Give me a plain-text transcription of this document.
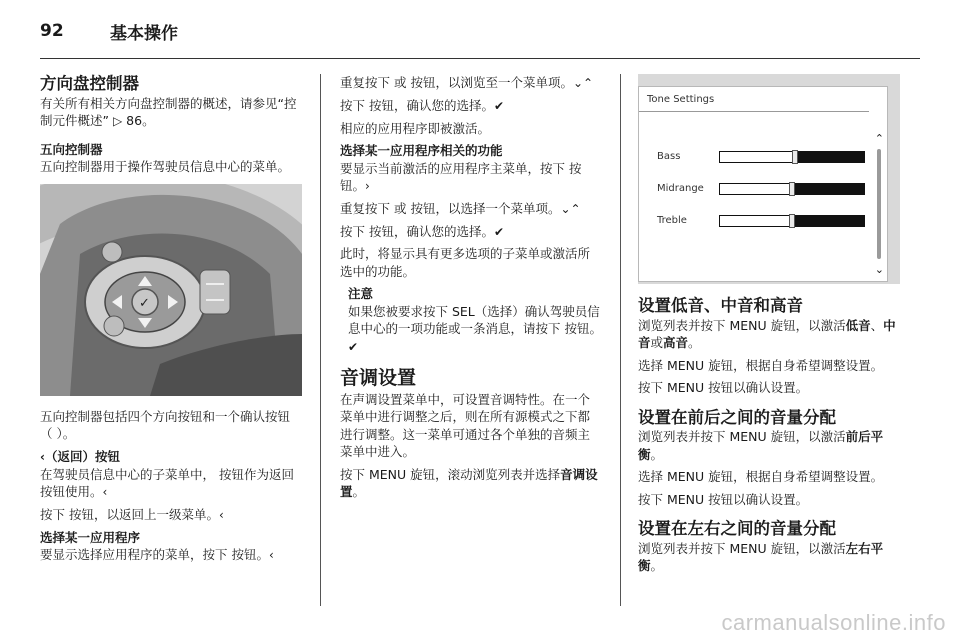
92	基本操作
方向盘控制器

有关所有相关方向盘控制器的概述，请参见“控制元件概述” ▷ 86。

五向控制器

五向控制器用于操作驾驶员信息中心的菜单。

✓

五向控制器包括四个方向按钮和一个确认按钮（ ）。

‹（返回）按钮

在驾驶员信息中心的子菜单中， 按钮作为返回按钮使用。‹

按下 按钮，以返回上一级菜单。‹

选择某一应用程序

要显示选择应用程序的菜单，按下 按钮。‹

重复按下 或 按钮，以浏览至一个菜单项。⌄⌃

按下 按钮，确认您的选择。✔

相应的应用程序即被激活。

选择某一应用程序相关的功能

要显示当前激活的应用程序主菜单，按下 按钮。›

重复按下 或 按钮，以选择一个菜单项。⌄⌃

按下 按钮，确认您的选择。✔

此时，将显示具有更多选项的子菜单或激活所选中的功能。

注意

如果您被要求按下 SEL（选择）确认驾驶员信息中心的一项功能或一条消息，请按下 按钮。✔

音调设置

在声调设置菜单中，可设置音调特性。在一个菜单中进行调整之后，则在所有源模式之下都进行调整。这一菜单可通过各个单独的音频主菜单中进入。

按下 MENU 旋钮，滚动浏览列表并选择音调设置。

Tone Settings
Bass
Midrange
Treble
⌃
⌄
设置低音、中音和高音

浏览列表并按下 MENU 旋钮，以激活低音、中音或高音。

选择 MENU 旋钮，根据自身希望调整设置。

按下 MENU 按钮以确认设置。

设置在前后之间的音量分配

浏览列表并按下 MENU 旋钮，以激活前后平衡。

选择 MENU 旋钮，根据自身希望调整设置。

按下 MENU 按钮以确认设置。

设置在左右之间的音量分配

浏览列表并按下 MENU 旋钮，以激活左右平衡。

carmanualsonline.info
